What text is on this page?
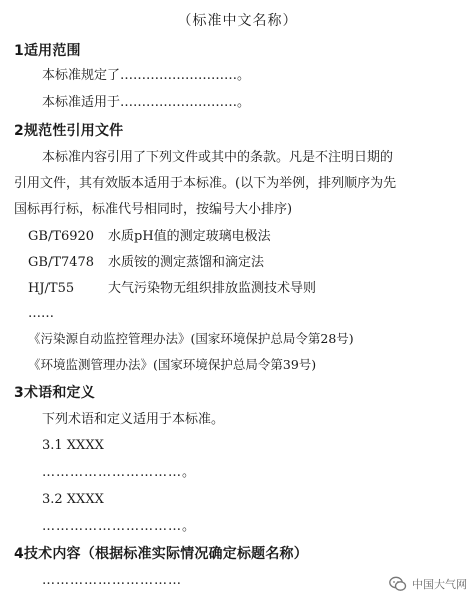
（标准中文名称）
1适用范围
本标准规定了………………………。
本标准适用于………………………。
2规范性引用文件
本标准内容引用了下列文件或其中的条款。凡是不注明日期的
引用文件，其有效版本适用于本标准。(以下为举例，排列顺序为先
国标再行标，标准代号相同时，按编号大小排序)
GB/T6920 水质pH值的测定玻璃电极法
GB/T7478 水质铵的测定蒸馏和滴定法
HJ/T55	大气污染物无组织排放监测技术导则
……
《污染源自动监控管理办法》(国家环境保护总局令第28号)
《环境监测管理办法》(国家环境保护总局令第39号)
3术语和定义
下列术语和定义适用于本标准。
3.1 XXXX
…………………………。
3.2 XXXX
…………………………。
4技术内容（根据标准实际情况确定标题名称）
…………………………	中国大气网
